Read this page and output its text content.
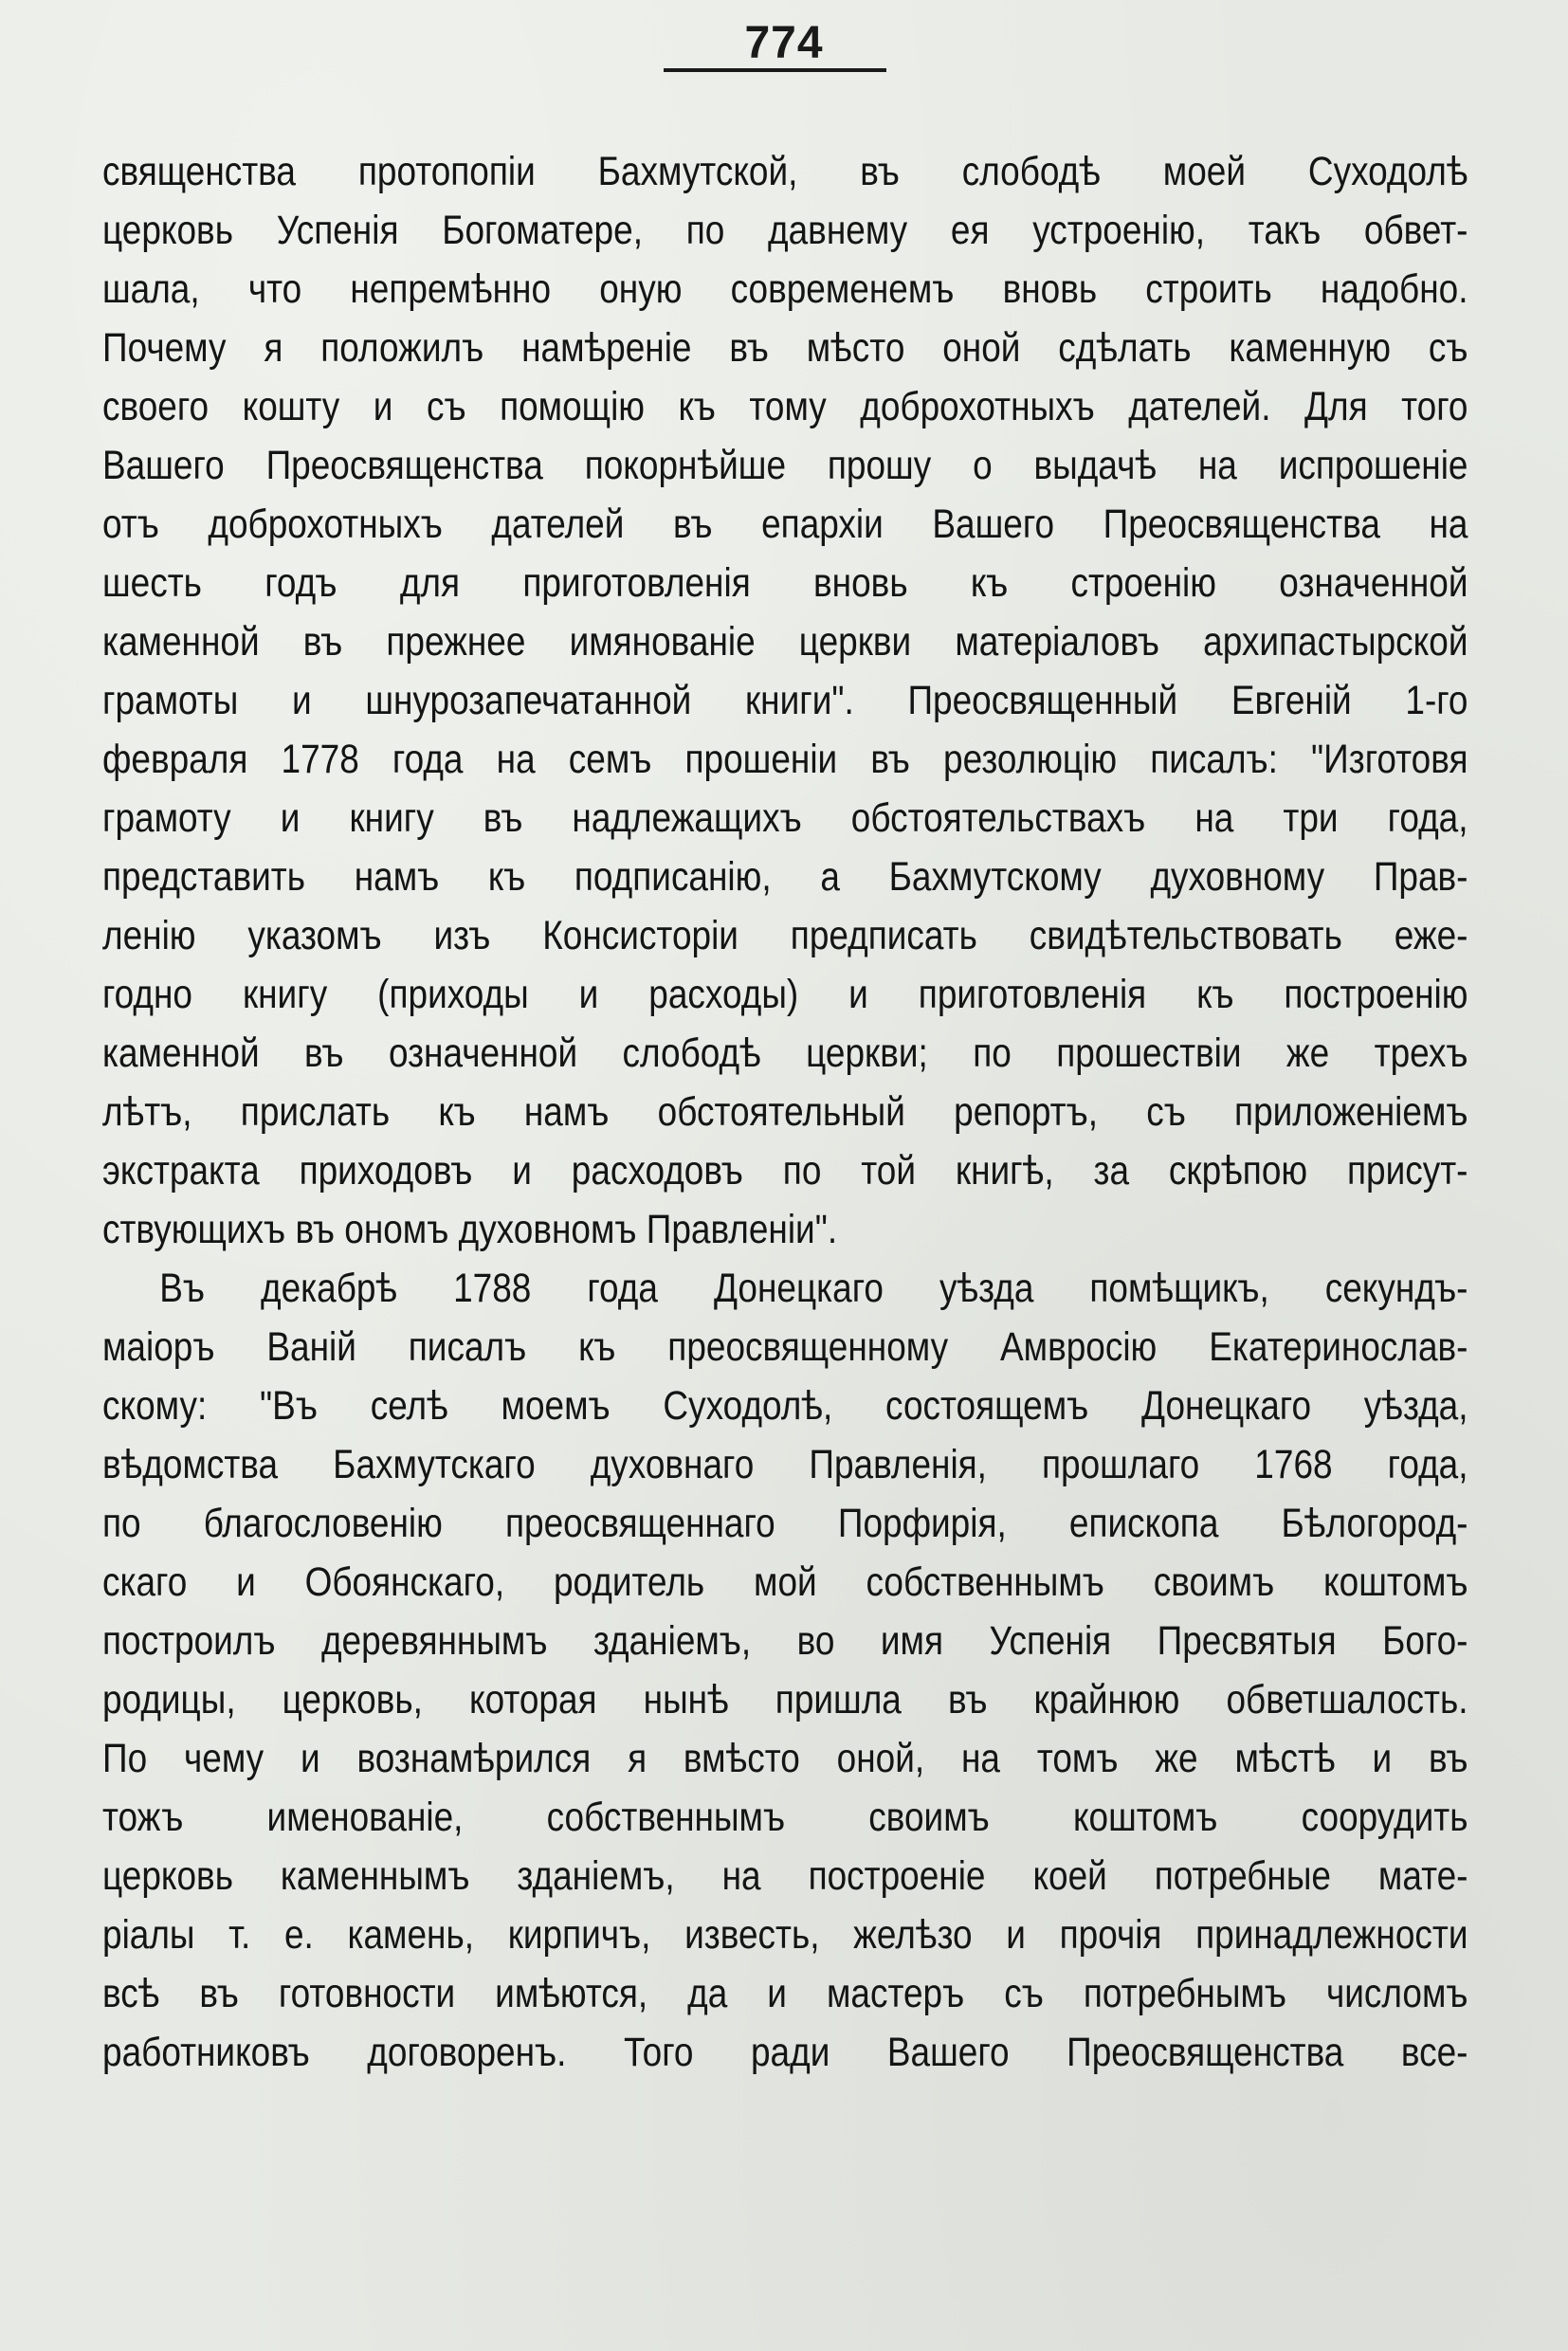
774
священства протопопіи Бахмутской, въ слободѣ моей Суходолѣ
церковь Успенія Богоматере, по давнему ея устроенію, такъ обвет-
шала, что непремѣнно оную современемъ вновь строить надобно.
Почему я положилъ намѣреніе въ мѣсто оной сдѣлать каменную съ
своего кошту и съ помощію къ тому доброхотныхъ дателей. Для того
Вашего Преосвященства покорнѣйше прошу о выдачѣ на испрошеніе
отъ доброхотныхъ дателей въ епархіи Вашего Преосвященства на
шесть годъ для приготовленія вновь къ строенію означенной
каменной въ прежнее имянованіе церкви матеріаловъ архипастырской
грамоты и шнурозапечатанной книги". Преосвященный Евгеній 1-го
февраля 1778 года на семъ прошеніи въ резолюцію писалъ: "Изготовя
грамоту и книгу въ надлежащихъ обстоятельствахъ на три года,
представить намъ къ подписанію, а Бахмутскому духовному Прав-
ленію указомъ изъ Консисторіи предписать свидѣтельствовать еже-
годно книгу (приходы и расходы) и приготовленія къ построенію
каменной въ означенной слободѣ церкви; по прошествіи же трехъ
лѣтъ, прислать къ намъ обстоятельный репортъ, съ приложеніемъ
экстракта приходовъ и расходовъ по той книгѣ, за скрѣпою присут-
ствующихъ въ ономъ духовномъ Правленіи".
Въ декабрѣ 1788 года Донецкаго уѣзда помѣщикъ, секундъ-
маіоръ Ваній писалъ къ преосвященному Амвросію Екатеринослав-
скому: "Въ селѣ моемъ Суходолѣ, состоящемъ Донецкаго уѣзда,
вѣдомства Бахмутскаго духовнаго Правленія, прошлаго 1768 года,
по благословенію преосвященнаго Порфирія, епископа Бѣлогород-
скаго и Обоянскаго, родитель мой собственнымъ своимъ коштомъ
построилъ деревяннымъ зданіемъ, во имя Успенія Пресвятыя Бого-
родицы, церковь, которая нынѣ пришла въ крайнюю обветшалость.
По чему и вознамѣрился я вмѣсто оной, на томъ же мѣстѣ и въ
тожъ именованіе, собственнымъ своимъ коштомъ соорудить
церковь каменнымъ зданіемъ, на построеніе коей потребные мате-
ріалы т. е. камень, кирпичъ, известь, желѣзо и прочія принадлежности
всѣ въ готовности имѣются, да и мастеръ съ потребнымъ числомъ
работниковъ договоренъ. Того ради Вашего Преосвященства все-
